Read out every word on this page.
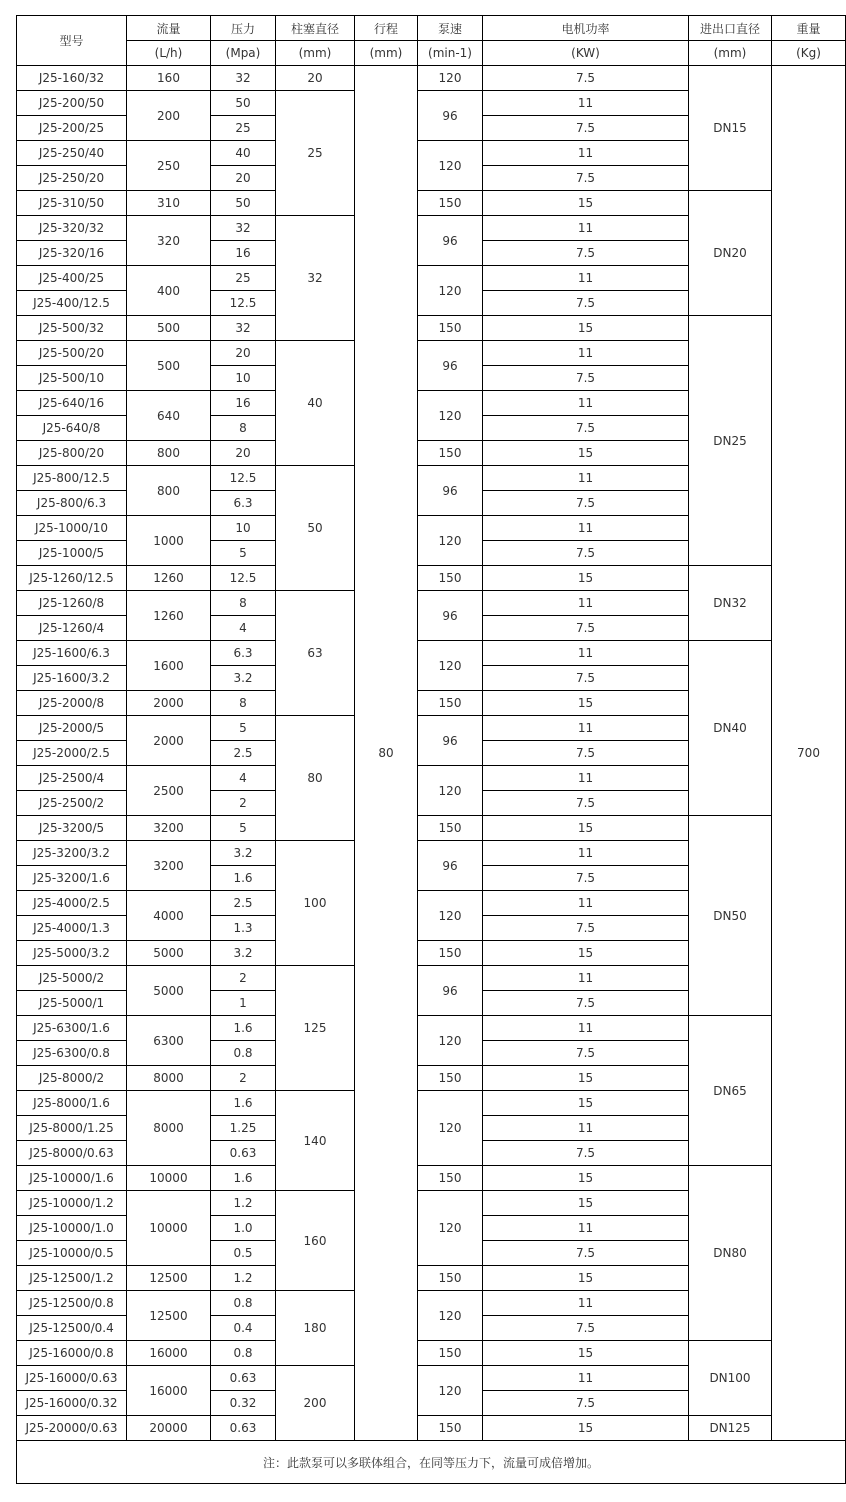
型号	流量	压力	柱塞直径	行程	泵速	电机功率	进出口直径	重量
	(L/h)	(Mpa)	(mm)	(mm)	(min-1)	(KW)	(mm)	(Kg)
J25-160/32	160	32	20	80	120	7.5	DN15	700
J25-200/50	200	50	25		96	11		
J25-200/25		25				7.5		
J25-250/40	250	40			120	11		
J25-250/20		20				7.5		
J25-310/50	310	50			150	15	DN20	
J25-320/32	320	32	32		96	11		
J25-320/16		16				7.5		
J25-400/25	400	25			120	11		
J25-400/12.5		12.5				7.5		
J25-500/32	500	32			150	15	DN25	
J25-500/20	500	20	40		96	11		
J25-500/10		10				7.5		
J25-640/16	640	16			120	11		
J25-640/8		8				7.5		
J25-800/20	800	20			150	15		
J25-800/12.5	800	12.5	50		96	11		
J25-800/6.3		6.3				7.5		
J25-1000/10	1000	10			120	11		
J25-1000/5		5				7.5		
J25-1260/12.5	1260	12.5			150	15	DN32	
J25-1260/8	1260	8	63		96	11		
J25-1260/4		4				7.5		
J25-1600/6.3	1600	6.3			120	11	DN40	
J25-1600/3.2		3.2				7.5		
J25-2000/8	2000	8			150	15		
J25-2000/5	2000	5	80		96	11		
J25-2000/2.5		2.5				7.5		
J25-2500/4	2500	4			120	11		
J25-2500/2		2				7.5		
J25-3200/5	3200	5			150	15	DN50	
J25-3200/3.2	3200	3.2	100		96	11		
J25-3200/1.6		1.6				7.5		
J25-4000/2.5	4000	2.5			120	11		
J25-4000/1.3		1.3				7.5		
J25-5000/3.2	5000	3.2			150	15		
J25-5000/2	5000	2	125		96	11		
J25-5000/1		1				7.5		
J25-6300/1.6	6300	1.6			120	11	DN65	
J25-6300/0.8		0.8				7.5		
J25-8000/2	8000	2			150	15		
J25-8000/1.6	8000	1.6	140		120	15		
J25-8000/1.25		1.25				11		
J25-8000/0.63		0.63				7.5		
J25-10000/1.6	10000	1.6			150	15	DN80	
J25-10000/1.2	10000	1.2	160		120	15		
J25-10000/1.0		1.0				11		
J25-10000/0.5		0.5				7.5		
J25-12500/1.2	12500	1.2			150	15		
J25-12500/0.8	12500	0.8	180		120	11		
J25-12500/0.4		0.4				7.5		
J25-16000/0.8	16000	0.8			150	15	DN100	
J25-16000/0.63	16000	0.63	200		120	11		
J25-16000/0.32		0.32				7.5		
J25-20000/0.63	20000	0.63			150	15	DN125	
注：此款泵可以多联体组合，在同等压力下，流量可成倍增加。								
